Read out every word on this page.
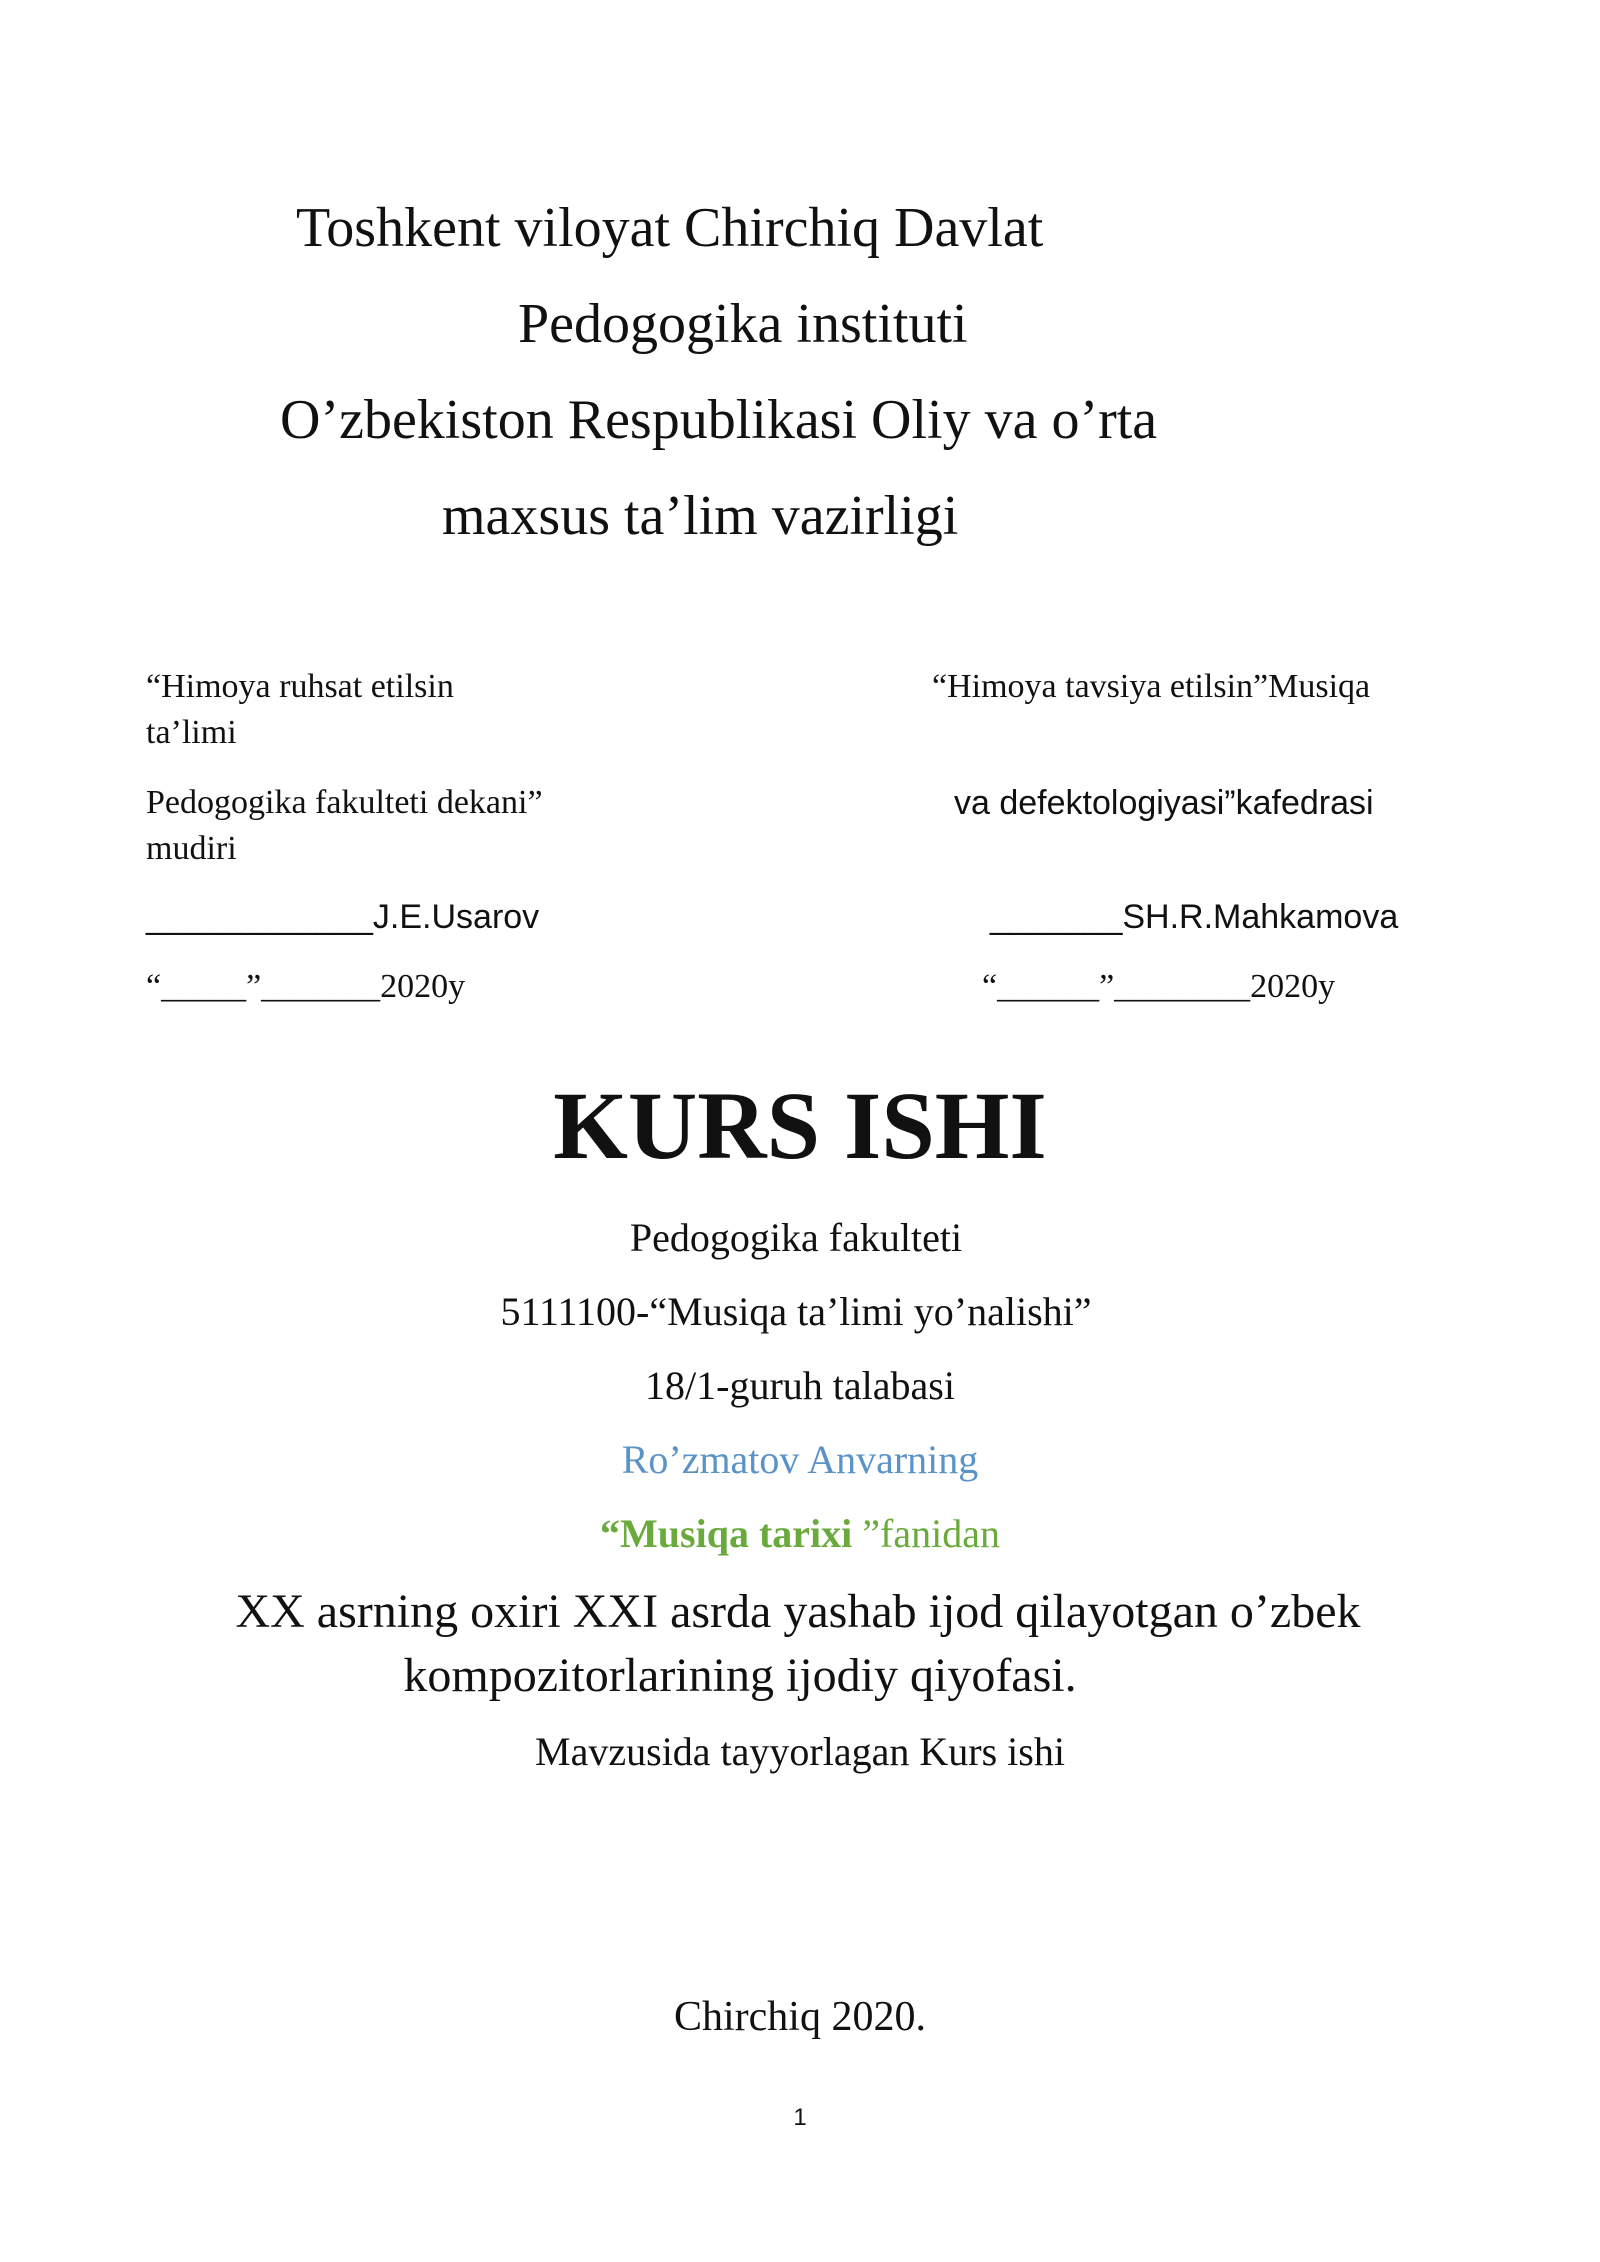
Toshkent viloyat Chirchiq Davlat
Pedogogika instituti
O’zbekiston Respublikasi Oliy va o’rta
maxsus ta’lim vazirligi
“Himoya ruhsat etilsin
ta’limi
Pedogogika fakulteti dekani”
mudiri
____________J.E.Usarov
“_____”_______2020y
“Himoya tavsiya etilsin”Musiqa
va defektologiyasi”kafedrasi
_______SH.R.Mahkamova
“______”________2020y
KURS ISHI
Pedogogika fakulteti
5111100-“Musiqa ta’limi yo’nalishi”
18/1-guruh talabasi
Ro’zmatov Anvarning
“Musiqa tarixi ”fanidan
XX asrning oxiri XXI asrda yashab ijod qilayotgan o’zbek
kompozitorlarining ijodiy qiyofasi.
Mavzusida tayyorlagan Kurs ishi
Chirchiq 2020.
1
